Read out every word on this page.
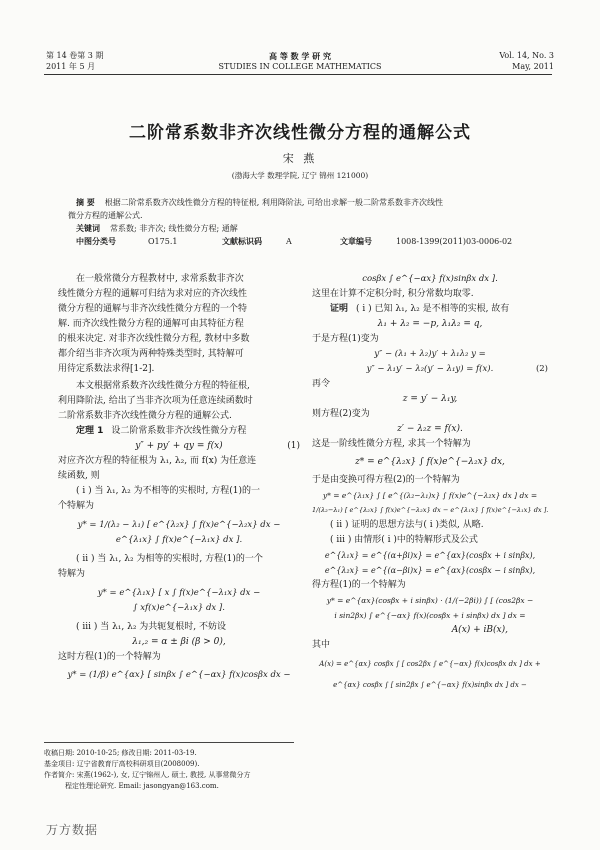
第 14 卷第 3 期
2011 年 5 月
高 等 数 学 研 究
STUDIES IN COLLEGE MATHEMATICS
Vol. 14, No. 3
May, 2011
二阶常系数非齐次线性微分方程的通解公式
宋 燕
(渤海大学 数理学院, 辽宁 锦州 121000)
摘 要 根据二阶常系数齐次线性微分方程的特征根, 利用降阶法, 可给出求解一般二阶常系数非齐次线性
微分方程的通解公式.
关键词 常系数; 非齐次; 线性微分方程; 通解
中图分类号	O175.1	文献标识码	A	文章编号	1008-1399(2011)03-0006-02

在一般常微分方程教材中, 求常系数非齐次

线性微分方程的通解可归结为求对应的齐次线性

微分方程的通解与非齐次线性微分方程的一个特

解. 而齐次线性微分方程的通解可由其特征方程

的根来决定. 对非齐次线性微分方程, 教材中多数

都介绍当非齐次项为两种特殊类型时, 其特解可

用待定系数法求得[1-2].

本文根据常系数齐次线性微分方程的特征根,

利用降阶法, 给出了当非齐次项为任意连续函数时

二阶常系数非齐次线性微分方程的通解公式.

定理 1 设二阶常系数非齐次线性微分方程

y″ + py′ + qy = f(x)	(1)

对应齐次方程的特征根为 λ₁, λ₂, 而 f(x) 为任意连

续函数, 则

( i ) 当 λ₁, λ₂ 为不相等的实根时, 方程(1)的一

个特解为

y* = 1/(λ₂ − λ₁) [ e^{λ₂x} ∫ f(x)e^{−λ₂x} dx −
e^{λ₁x} ∫ f(x)e^{−λ₁x} dx ].

( ii ) 当 λ₁, λ₂ 为相等的实根时, 方程(1)的一个

特解为

y* = e^{λ₁x} [ x ∫ f(x)e^{−λ₁x} dx −
∫ xf(x)e^{−λ₁x} dx ].

( iii ) 当 λ₁, λ₂ 为共轭复根时, 不妨设

λ₁,₂ = α ± βi (β > 0),

这时方程(1)的一个特解为

y* = (1/β) e^{αx} [ sinβx ∫ e^{−αx} f(x)cosβx dx −
cosβx ∫ e^{−αx} f(x)sinβx dx ].

这里在计算不定积分时, 积分常数均取零.

证明 ( i ) 已知 λ₁, λ₂ 是不相等的实根, 故有

λ₁ + λ₂ = −p, λ₁λ₂ = q,

于是方程(1)变为

y″ − (λ₁ + λ₂)y′ + λ₁λ₂ y =
y″ − λ₁y′ − λ₂(y′ − λ₁y) = f(x).	(2)

再令

z = y′ − λ₁y,

则方程(2)变为

z′ − λ₂z = f(x).

这是一阶线性微分方程, 求其一个特解为

z* = e^{λ₂x} ∫ f(x)e^{−λ₂x} dx,

于是由变换可得方程(2)的一个特解为

y* = e^{λ₁x} ∫ [ e^{(λ₂−λ₁)x} ∫ f(x)e^{−λ₂x} dx ] dx =
1/(λ₂−λ₁) [ e^{λ₂x} ∫ f(x)e^{−λ₂x} dx − e^{λ₁x} ∫ f(x)e^{−λ₁x} dx ].

( ii ) 证明的思想方法与( i )类似, 从略.

( iii ) 由情形( i )中的特解形式及公式

e^{λ₁x} = e^{(α+βi)x} = e^{αx}(cosβx + i sinβx),
e^{λ₂x} = e^{(α−βi)x} = e^{αx}(cosβx − i sinβx),

得方程(1)的一个特解为

y* = e^{αx}(cosβx + i sinβx) · (1/(−2βi)) ∫ [ (cos2βx −
i sin2βx) ∫ e^{−αx} f(x)(cosβx + i sinβx) dx ] dx =
A(x) + iB(x),

其中

A(x) = e^{αx} cosβx ∫ [ cos2βx ∫ e^{−αx} f(x)cosβx dx ] dx +
e^{αx} cosβx ∫ [ sin2βx ∫ e^{−αx} f(x)sinβx dx ] dx −
收稿日期: 2010-10-25; 修改日期: 2011-03-19.
基金项目: 辽宁省教育厅高校科研项目(2008009).
作者简介: 宋燕(1962-), 女, 辽宁锦州人, 硕士, 教授, 从事常微分方
程定性理论研究. Email: jasongyan@163.com.
万方数据
